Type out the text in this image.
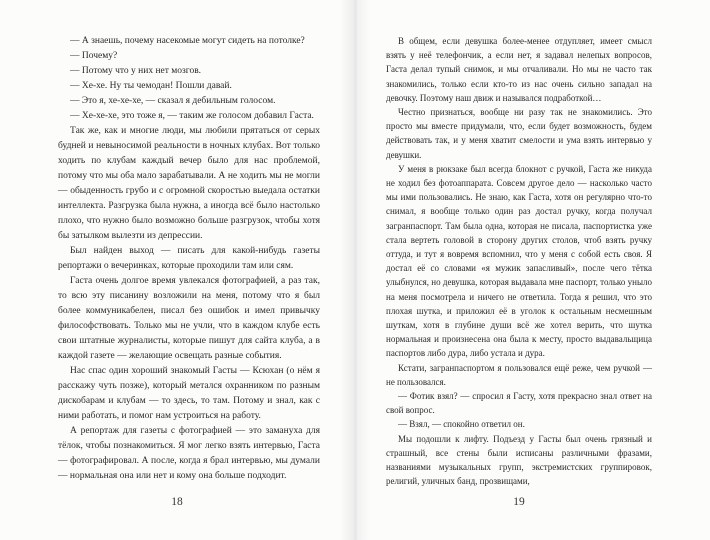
— А знаешь, почему насекомые могут сидеть на потолке?

— Почему?

— Потому что у них нет мозгов.

— Хе-хе. Ну ты чемодан! Пошли давай.

— Это я, хе-хе-хе, — сказал я дебильным голосом.

— Хе-хе-хе, это тоже я, — таким же голосом добавил Гаста.

Так же, как и многие люди, мы любили прятаться от серых будней и невыносимой реальности в ночных клубах. Вот только ходить по клубам каждый вечер было для нас проблемой, потому что мы оба мало зарабатывали. А не ходить мы не могли — обыденность грубо и с огромной скоростью выедала остатки интеллекта. Разгрузка была нужна, а иногда всё было настолько плохо, что нужно было возможно больше разгрузок, чтобы хотя бы затылком вылезти из депрессии.

Был найден выход — писать для какой-нибудь газеты репортажи о вечеринках, которые проходили там или сям.

Гаста очень долгое время увлекался фотографией, а раз так, то всю эту писанину возложили на меня, потому что я был более коммуникабелен, писал без ошибок и имел привычку философствовать. Только мы не учли, что в каждом клубе есть свои штатные журналисты, которые пишут для сайта клуба, а в каждой газете — желающие освещать разные события.

Нас спас один хороший знакомый Гасты — Ксюхан (о нём я расскажу чуть позже), который метался охранником по разным дискобарам и клубам — то здесь, то там. Потому и знал, как с ними работать, и помог нам устроиться на работу.

А репортаж для газеты с фотографией — это замануха для тёлок, чтобы познакомиться. Я мог легко взять интервью, Гаста — фотографировал. А после, когда я брал интервью, мы думали — нормальная она или нет и кому она больше подходит.

18

В общем, если девушка более-менее отдупляет, имеет смысл взять у неё телефончик, а если нет, я задавал нелепых вопросов, Гаста делал тупый снимок, и мы отчаливали. Но мы не часто так знакомились, только если кто-то из нас очень сильно западал на девочку. Поэтому наш движ и назывался подработкой…

Честно признаться, вообще ни разу так не знакомились. Это просто мы вместе придумали, что, если будет возможность, будем действовать так, и у меня хватит смелости и ума взять интервью у девушки.

У меня в рюкзаке был всегда блокнот с ручкой, Гаста же никуда не ходил без фотоаппарата. Совсем другое дело — насколько часто мы ими пользовались. Не знаю, как Гаста, хотя он регулярно что-то снимал, я вообще только один раз достал ручку, когда получал загранпаспорт. Там была одна, которая не писала, паспортистка уже стала вертеть головой в сторону других столов, чтоб взять ручку оттуда, и тут я вовремя вспомнил, что у меня с собой есть своя. Я достал её со словами «я мужик запасливый», после чего тётка улыбнулся, но девушка, которая выдавала мне паспорт, только уныло на меня посмотрела и ничего не ответила. Тогда я решил, что это плохая шутка, и приложил её в уголок к остальным несмешным шуткам, хотя в глубине души всё же хотел верить, что шутка нормальная и произнесена она была к месту, просто выдавальщица паспортов либо дура, либо устала и дура.

Кстати, загранпаспортом я пользовался ещё реже, чем ручкой — не пользовался.

— Фотик взял? — спросил я Гасту, хотя прекрасно знал ответ на свой вопрос.

— Взял, — спокойно ответил он.

Мы подошли к лифту. Подъезд у Гасты был очень грязный и страшный, все стены были исписаны различными фразами, названиями музыкальных групп, экстремистских группировок, религий, уличных банд, прозвищами,

19
